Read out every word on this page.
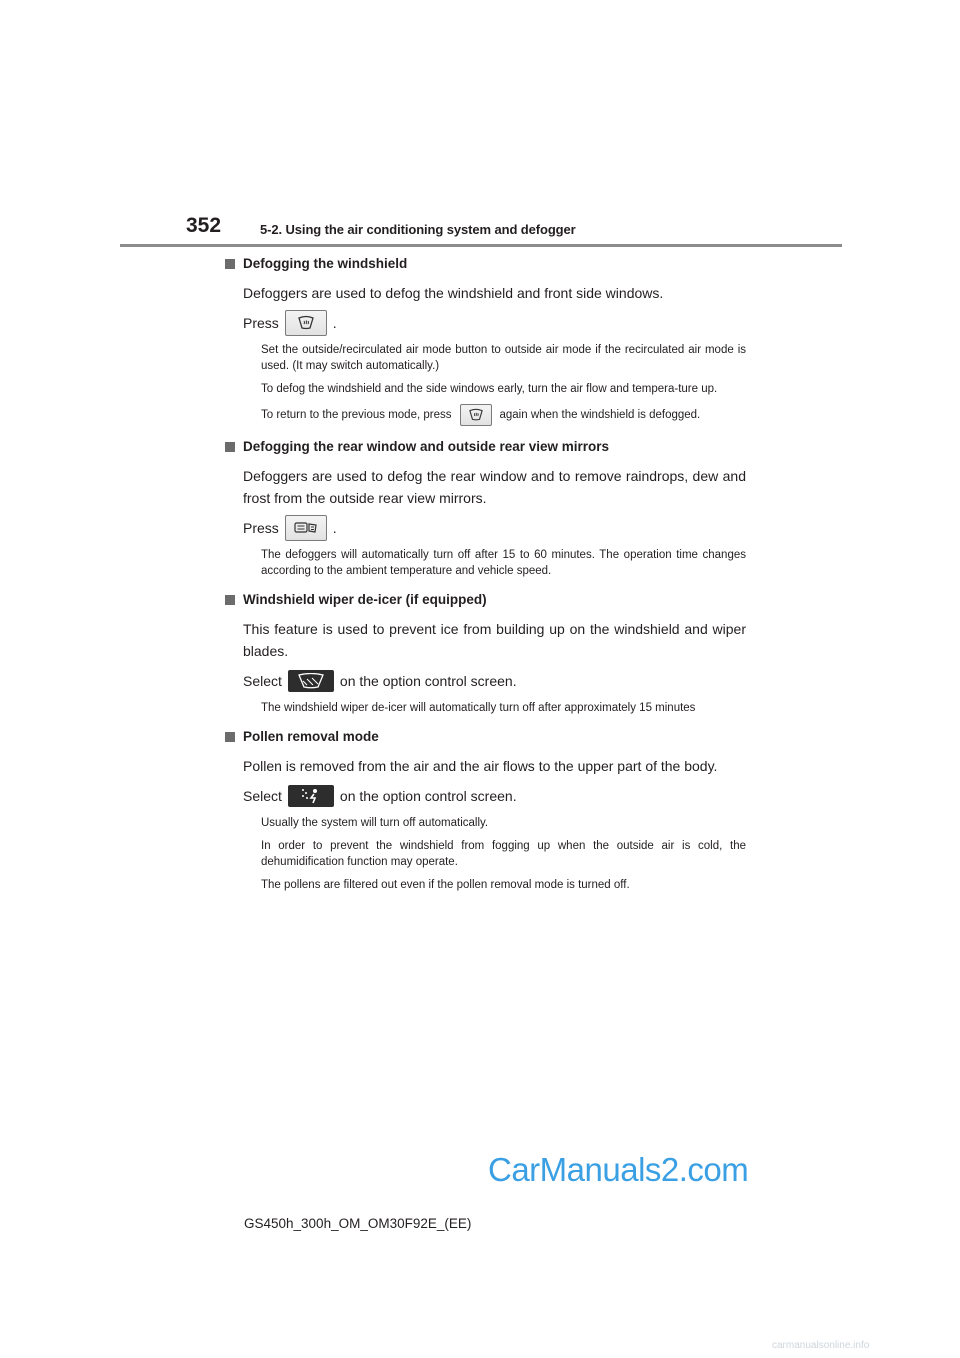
352	5-2. Using the air conditioning system and defogger
Defogging the windshield
Defoggers are used to defog the windshield and front side windows.
Press	.
Set the outside/recirculated air mode button to outside air mode if the recirculated air mode is used. (It may switch automatically.)
To defog the windshield and the side windows early, turn the air flow and tempera-ture up.
To return to the previous mode, press	again when the windshield is defogged.
Defogging the rear window and outside rear view mirrors
Defoggers are used to defog the rear window and to remove raindrops, dew and frost from the outside rear view mirrors.
Press	.
The defoggers will automatically turn off after 15 to 60 minutes. The operation time changes according to the ambient temperature and vehicle speed.
Windshield wiper de-icer (if equipped)
This feature is used to prevent ice from building up on the windshield and wiper blades.
Select	on the option control screen.
The windshield wiper de-icer will automatically turn off after approximately 15 minutes
Pollen removal mode
Pollen is removed from the air and the air flows to the upper part of the body.
Select	on the option control screen.
Usually the system will turn off automatically.
In order to prevent the windshield from fogging up when the outside air is cold, the dehumidification function may operate.
The pollens are filtered out even if the pollen removal mode is turned off.
CarManuals2.com
GS450h_300h_OM_OM30F92E_(EE)
carmanualsonline.info
